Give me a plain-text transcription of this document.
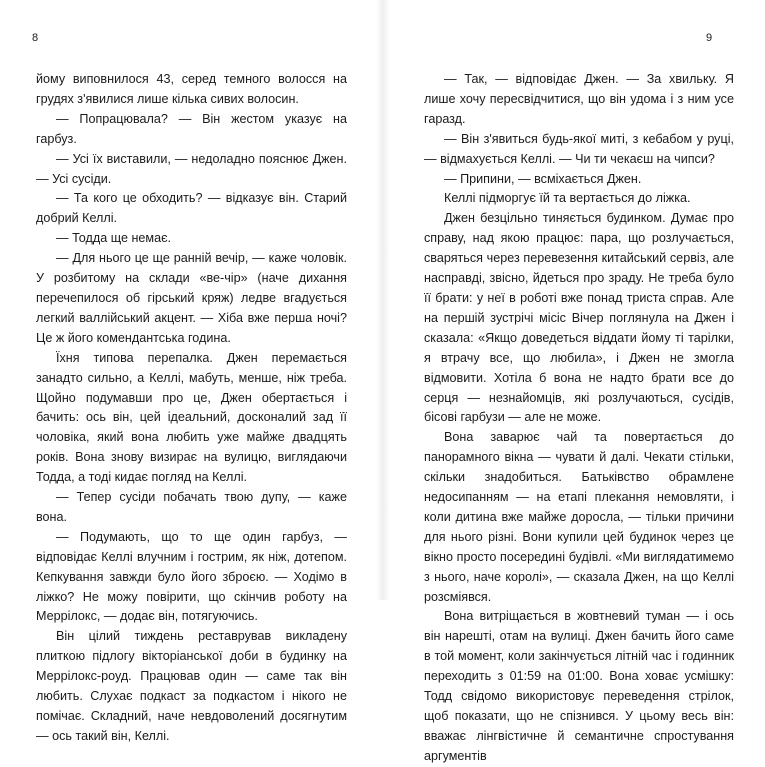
8

йому виповнилося 43, серед темного волосся на грудях з'явилися лише кілька сивих волосин.

— Попрацювала? — Він жестом указує на гарбуз.

— Усі їх виставили, — недоладно пояснює Джен. — Усі сусіди.

— Та кого це обходить? — відказує він. Старий добрий Келлі.

— Тодда ще немає.

— Для нього це ще ранній вечір, — каже чоловік. У розбитому на склади «ве-чір» (наче дихання перечепилося об гірський кряж) ледве вгадується легкий валлійський акцент. — Хіба вже перша ночі? Це ж його комендантська година.

Їхня типова перепалка. Джен перемається занадто сильно, а Келлі, мабуть, менше, ніж треба. Щойно подумавши про це, Джен обертається і бачить: ось він, цей ідеальний, досконалий зад її чоловіка, який вона любить уже майже двадцять років. Вона знову визирає на вулицю, виглядаючи Тодда, а тоді кидає погляд на Келлі.

— Тепер сусіди побачать твою дупу, — каже вона.

— Подумають, що то ще один гарбуз, — відповідає Келлі влучним і гострим, як ніж, дотепом. Кепкування завжди було його зброєю. — Ходімо в ліжко? Не можу повірити, що скінчив роботу на Меррілокс, — додає він, потягуючись.

Він цілий тиждень реставрував викладену плиткою підлогу вікторіанської доби в будинку на Меррілокс-роуд. Працював один — саме так він любить. Слухає подкаст за подкастом і нікого не помічає. Складний, наче невдоволений досягнутим — ось такий він, Келлі.

9

— Так, — відповідає Джен. — За хвильку. Я лише хочу пересвідчитися, що він удома і з ним усе гаразд.

— Він з'явиться будь-якої миті, з кебабом у руці, — відмахується Келлі. — Чи ти чекаєш на чипси?

— Припини, — всміхається Джен.

Келлі підморгує їй та вертається до ліжка.

Джен безцільно тиняється будинком. Думає про справу, над якою працює: пара, що розлучається, сваряться через перевезення китайський сервіз, але насправді, звісно, йдеться про зраду. Не треба було її брати: у неї в роботі вже понад триста справ. Але на першій зустрічі місіс Вічер поглянула на Джен і сказала: «Якщо доведеться віддати йому ті тарілки, я втрачу все, що любила», і Джен не змогла відмовити. Хотіла б вона не надто брати все до серця — незнайомців, які розлучаються, сусідів, бісові гарбузи — але не може.

Вона заварює чай та повертається до панорамного вікна — чувати й далі. Чекати стільки, скільки знадобиться. Батьківство обрамлене недосипанням — на етапі плекання немовляти, і коли дитина вже майже доросла, — тільки причини для нього різні. Вони купили цей будинок через це вікно просто посередині будівлі. «Ми виглядатимемо з нього, наче королі», — сказала Джен, на що Келлі розсміявся.

Вона витріщається в жовтневий туман — і ось він нарешті, отам на вулиці. Джен бачить його саме в той момент, коли закінчується літній час і годинник переходить з 01:59 на 01:00. Вона ховає усмішку: Тодд свідомо використовує переведення стрілок, щоб показати, що не спізнився. У цьому весь він: вважає лінгвістичне й семантичне спростування аргументів
